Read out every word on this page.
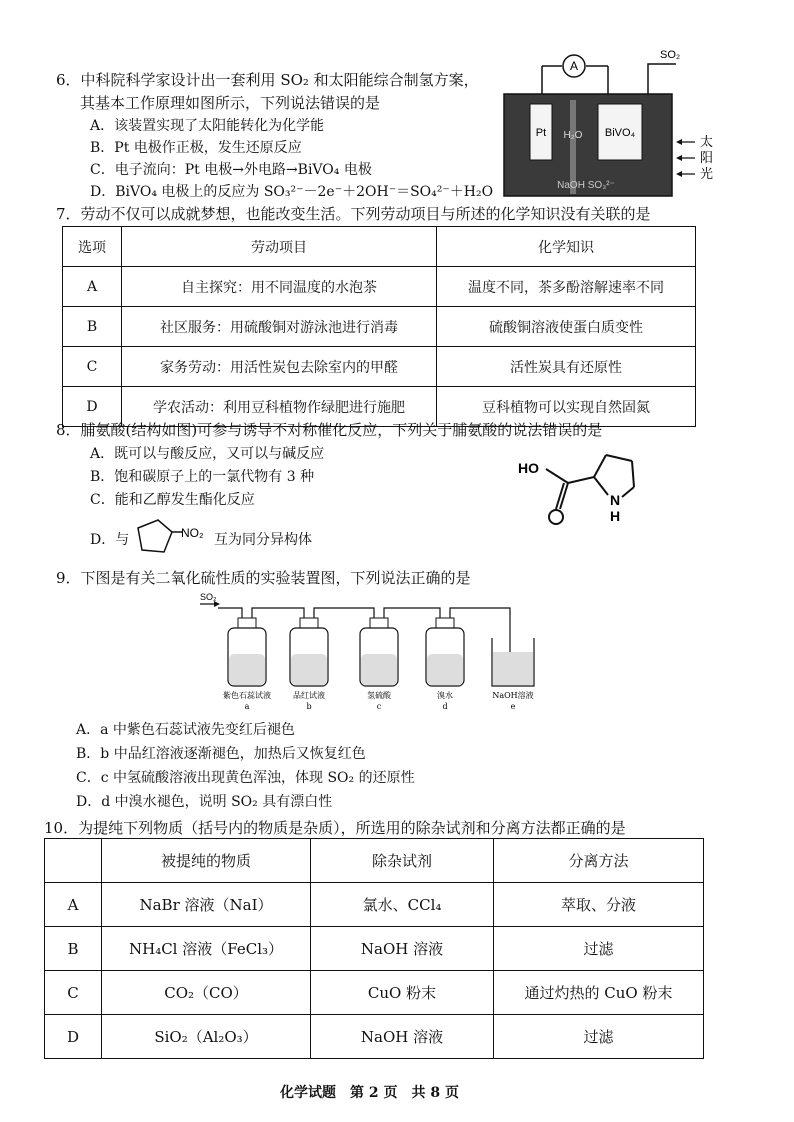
6．中科院科学家设计出一套利用 SO₂ 和太阳能综合制氢方案，
其基本工作原理如图所示，下列说法错误的是
A．该装置实现了太阳能转化为化学能
B．Pt 电极作正极，发生还原反应
C．电子流向：Pt 电极→外电路→BiVO₄ 电极
D．BiVO₄ 电极上的反应为 SO₃²⁻－2e⁻＋2OH⁻＝SO₄²⁻＋H₂O
A
SO₂
Pt	BiVO₄
H₂O
NaOH SO₃²⁻
太
阳
光
7．劳动不仅可以成就梦想，也能改变生活。下列劳动项目与所述的化学知识没有关联的是
选项	劳动项目	化学知识
A	自主探究：用不同温度的水泡茶	温度不同，茶多酚溶解速率不同
B	社区服务：用硫酸铜对游泳池进行消毒	硫酸铜溶液使蛋白质变性
C	家务劳动：用活性炭包去除室内的甲醛	活性炭具有还原性
D	学农活动：利用豆科植物作绿肥进行施肥	豆科植物可以实现自然固氮
8．脯氨酸(结构如图)可参与诱导不对称催化反应，下列关于脯氨酸的说法错误的是
A．既可以与酸反应，又可以与碱反应
B．饱和碳原子上的一氯代物有 3 种
C．能和乙醇发生酯化反应
D．与	NO₂ 互为同分异构体
HO
N
H
9．下图是有关二氧化硫性质的实验装置图，下列说法正确的是
SO₂
紫色石蕊试液
a
品红试液
b
氢硫酸
c
溴水
d
NaOH溶液
e
A．a 中紫色石蕊试液先变红后褪色
B．b 中品红溶液逐渐褪色，加热后又恢复红色
C．c 中氢硫酸溶液出现黄色浑浊，体现 SO₂ 的还原性
D．d 中溴水褪色，说明 SO₂ 具有漂白性
10．为提纯下列物质（括号内的物质是杂质），所选用的除杂试剂和分离方法都正确的是
	被提纯的物质	除杂试剂	分离方法
A	NaBr 溶液（NaI）	氯水、CCl₄	萃取、分液
B	NH₄Cl 溶液（FeCl₃）	NaOH 溶液	过滤
C	CO₂（CO）	CuO 粉末	通过灼热的 CuO 粉末
D	SiO₂（Al₂O₃）	NaOH 溶液	过滤
化学试题　第 2 页　共 8 页
